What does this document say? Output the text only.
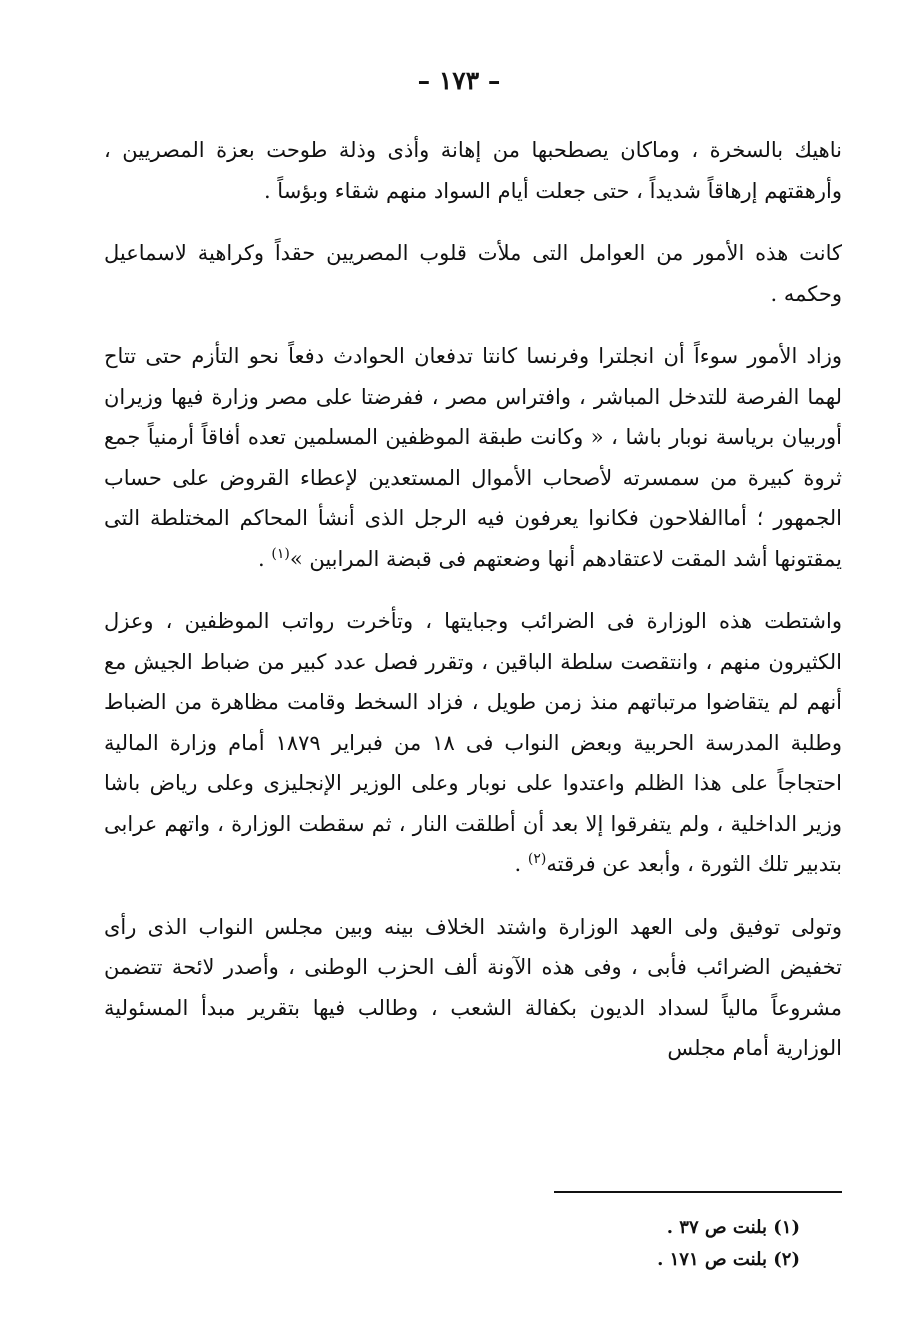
– ١٧٣ –

ناهيك بالسخرة ، وماكان يصطحبها من إهانة وأذى وذلة طوحت بعزة المصريين ، وأرهقتهم إرهاقاً شديداً ، حتى جعلت أيام السواد منهم شقاء وبؤساً .

كانت هذه الأمور من العوامل التى ملأت قلوب المصريين حقداً وكراهية لاسماعيل وحكمه .

وزاد الأمور سوءاً أن انجلترا وفرنسا كانتا تدفعان الحوادث دفعاً نحو التأزم حتى تتاح لهما الفرصة للتدخل المباشر ، وافتراس مصر ، ففرضتا على مصر وزارة فيها وزيران أوربيان برياسة نوبار باشا ، « وكانت طبقة الموظفين المسلمين تعده أفاقاً أرمنياً جمع ثروة كبيرة من سمسرته لأصحاب الأموال المستعدين لإعطاء القروض على حساب الجمهور ؛ أماالفلاحون فكانوا يعرفون فيه الرجل الذى أنشأ المحاكم المختلطة التى يمقتونها أشد المقت لاعتقادهم أنها وضعتهم فى قبضة المرابين »$^{(١)}$ .

واشتطت هذه الوزارة فى الضرائب وجبايتها ، وتأخرت رواتب الموظفين ، وعزل الكثيرون منهم ، وانتقصت سلطة الباقين ، وتقرر فصل عدد كبير من ضباط الجيش مع أنهم لم يتقاضوا مرتباتهم منذ زمن طويل ، فزاد السخط وقامت مظاهرة من الضباط وطلبة المدرسة الحربية وبعض النواب فى ١٨ من فبراير ١٨٧٩ أمام وزارة المالية احتجاجاً على هذا الظلم واعتدوا على نوبار وعلى الوزير الإنجليزى وعلى رياض باشا وزير الداخلية ، ولم يتفرقوا إلا بعد أن أطلقت النار ، ثم سقطت الوزارة ، واتهم عرابى بتدبير تلك الثورة ، وأبعد عن فرقته$^{(٢)}$ .

وتولى توفيق ولى العهد الوزارة واشتد الخلاف بينه وبين مجلس النواب الذى رأى تخفيض الضرائب فأبى ، وفى هذه الآونة ألف الحزب الوطنى ، وأصدر لائحة تتضمن مشروعاً مالياً لسداد الديون بكفالة الشعب ، وطالب فيها بتقرير مبدأ المسئولية الوزارية أمام مجلس

(١) بلنت ص ٣٧ .

(٢) بلنت ص ١٧١ .
